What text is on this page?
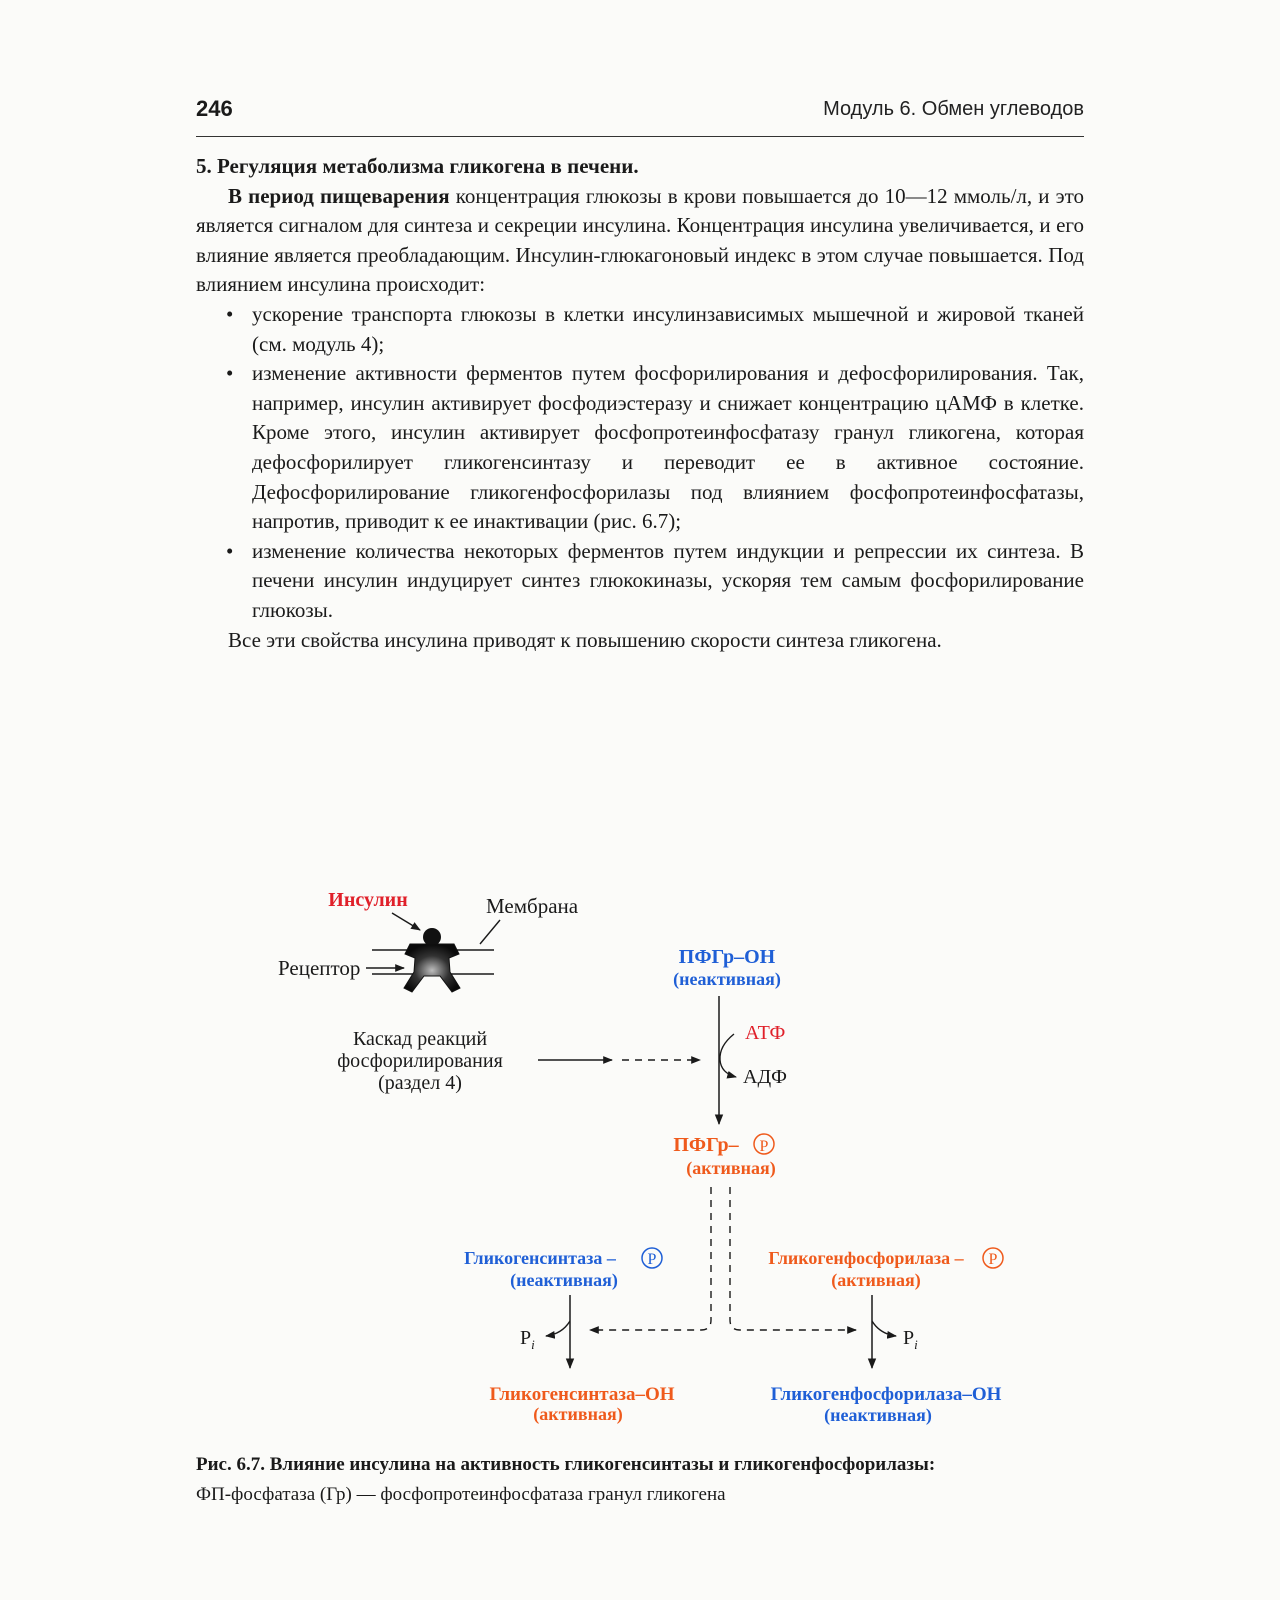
246	Модуль 6. Обмен углеводов

5. Регуляция метаболизма гликогена в печени.

В период пищеварения концентрация глюкозы в крови повышается до 10—12 ммоль/л, и это является сигналом для синтеза и секреции инсулина. Концентрация инсулина увеличивается, и его влияние является преобладающим. Инсулин-глюкагоновый индекс в этом случае повышается. Под влиянием инсулина происходит:

• ускорение транспорта глюкозы в клетки инсулинзависимых мышечной и жировой тканей (см. модуль 4);
• изменение активности ферментов путем фосфорилирования и дефосфорилирования. Так, например, инсулин активирует фосфодиэстеразу и снижает концентрацию цАМФ в клетке. Кроме этого, инсулин активирует фосфопротеинфосфатазу гранул гликогена, которая дефосфорилирует гликогенсинтазу и переводит ее в активное состояние. Дефосфорилирование гликогенфосфорилазы под влиянием фосфопротеинфосфатазы, напротив, приводит к ее инактивации (рис. 6.7);
• изменение количества некоторых ферментов путем индукции и репрессии их синтеза. В печени инсулин индуцирует синтез глюкокиназы, ускоряя тем самым фосфорилирование глюкозы.

Все эти свойства инсулина приводят к повышению скорости синтеза гликогена.

Инсулин	Мембрана
Рецептор
Каскад реакций
фосфорилирования
(раздел 4)
ПФГр–ОН
(неактивная)
АТФ
АДФ
ПФГр– P
(активная)
Гликогенсинтаза – P
(неактивная)
$P_i$
Гликогенсинтаза–ОН
(активная)
Гликогенфосфорилаза – P
(активная)
$P_i$
Гликогенфосфорилаза–ОН
(неактивная)
Рис. 6.7. Влияние инсулина на активность гликогенсинтазы и гликогенфосфорилазы:
ФП-фосфатаза (Гр) — фосфопротеинфосфатаза гранул гликогена
